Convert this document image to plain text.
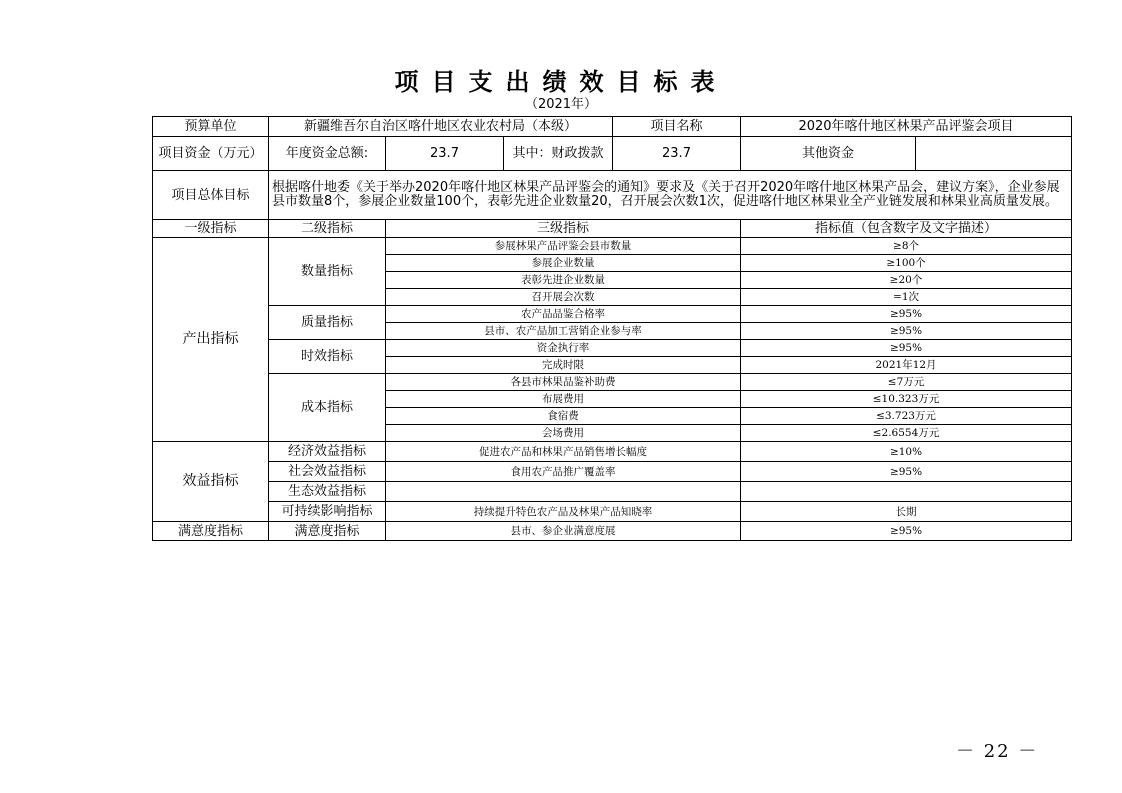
项目支出绩效目标表
（2021年）
预算单位	新疆维吾尔自治区喀什地区农业农村局（本级）			项目名称	2020年喀什地区林果产品评鉴会项目	
项目资金（万元）	年度资金总额:	23.7	其中：财政拨款	23.7	其他资金	
项目总体目标	根据喀什地委《关于举办2020年喀什地区林果产品评鉴会的通知》要求及《关于召开2020年喀什地区林果产品会，建议方案》，企业参展县市数量8个，参展企业数量100个，表彰先进企业数量20，召开展会次数1次，促进喀什地区林果业全产业链发展和林果业高质量发展。					
一级指标	二级指标	三级指标			指标值（包含数字及文字描述）	
产出指标	数量指标	参展林果产品评鉴会县市数量			≥8个	
		参展企业数量			≥100个	
		表彰先进企业数量			≥20个	
		召开展会次数			=1次	
	质量指标	农产品品鉴合格率			≥95%	
		县市、农产品加工营销企业参与率			≥95%	
	时效指标	资金执行率			≥95%	
		完成时限			2021年12月	
	成本指标	各县市林果品鉴补助费			≤7万元	
		布展费用			≤10.323万元	
		食宿费			≤3.723万元	
		会场费用			≤2.6554万元	
效益指标	经济效益指标	促进农产品和林果产品销售增长幅度			≥10%	
	社会效益指标	食用农产品推广覆盖率			≥95%	
	生态效益指标					
	可持续影响指标	持续提升特色农产品及林果产品知晓率			长期	
满意度指标	满意度指标	县市、参企业满意度展			≥95%	
－ 22 －
